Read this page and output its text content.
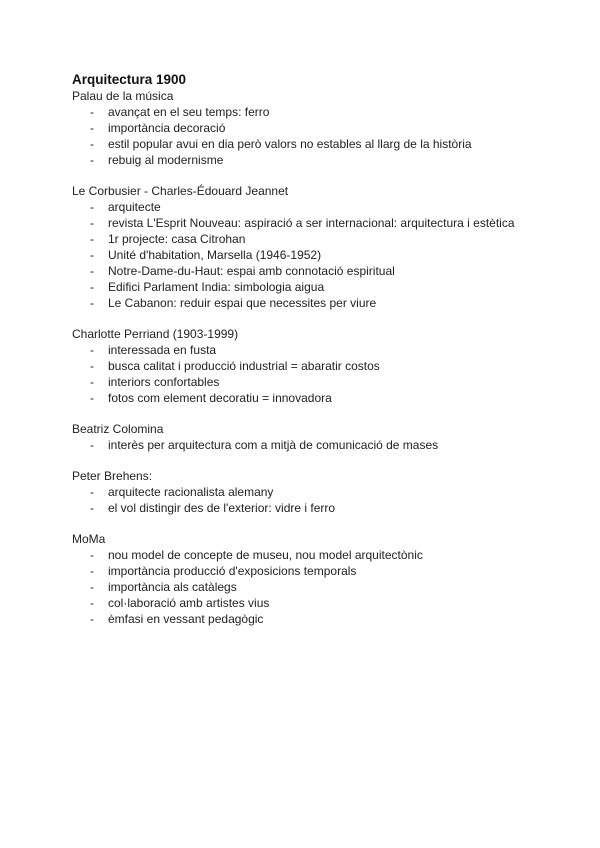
Arquitectura 1900
Palau de la música
- avançat en el seu temps: ferro
- importància decoració
- estil popular avui en dia però valors no estables al llarg de la història
- rebuig al modernisme
Le Corbusier - Charles-Édouard Jeannet
- arquitecte
- revista L'Esprit Nouveau: aspiració a ser internacional: arquitectura i estètica
- 1r projecte: casa Citrohan
- Unité d'habitation, Marsella (1946-1952)
- Notre-Dame-du-Haut: espai amb connotació espiritual
- Edifici Parlament India: simbologia aigua
- Le Cabanon: reduir espai que necessites per viure
Charlotte Perriand (1903-1999)
- interessada en fusta
- busca calitat i producció industrial = abaratir costos
- interiors confortables
- fotos com element decoratiu = innovadora
Beatriz Colomina
- interès per arquitectura com a mitjà de comunicació de mases
Peter Brehens:
- arquitecte racionalista alemany
- el vol distingir des de l'exterior: vidre i ferro
MoMa
- nou model de concepte de museu, nou model arquitectònic
- importància producció d'exposicions temporals
- importància als catàlegs
- col·laboració amb artistes vius
- èmfasi en vessant pedagògic
